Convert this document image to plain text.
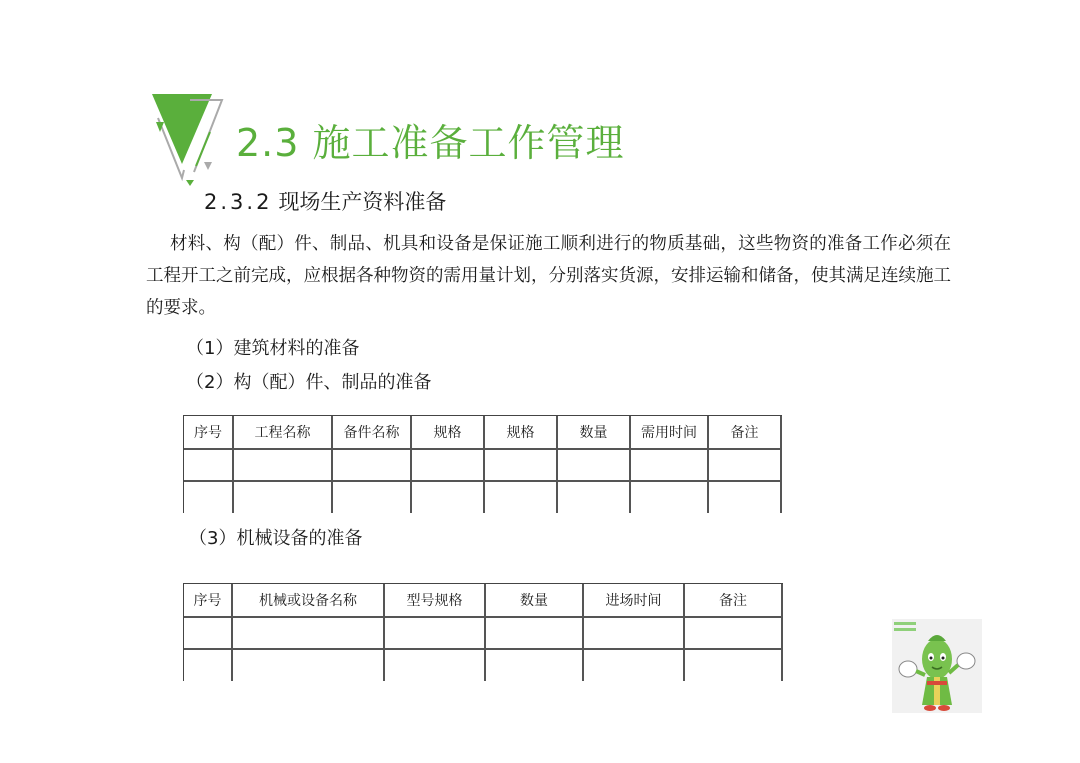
2.3 施工准备工作管理
2.3.2 现场生产资料准备
材料、构（配）件、制品、机具和设备是保证施工顺利进行的物质基础，这些物资的准备工作必须在工程开工之前完成，应根据各种物资的需用量计划，分别落实货源，安排运输和储备，使其满足连续施工的要求。
（1）建筑材料的准备
（2）构（配）件、制品的准备
序号	工程名称	备件名称	规格	规格	数量	需用时间	备注

（3）机械设备的准备
序号	机械或设备名称	型号规格	数量	进场时间	备注
